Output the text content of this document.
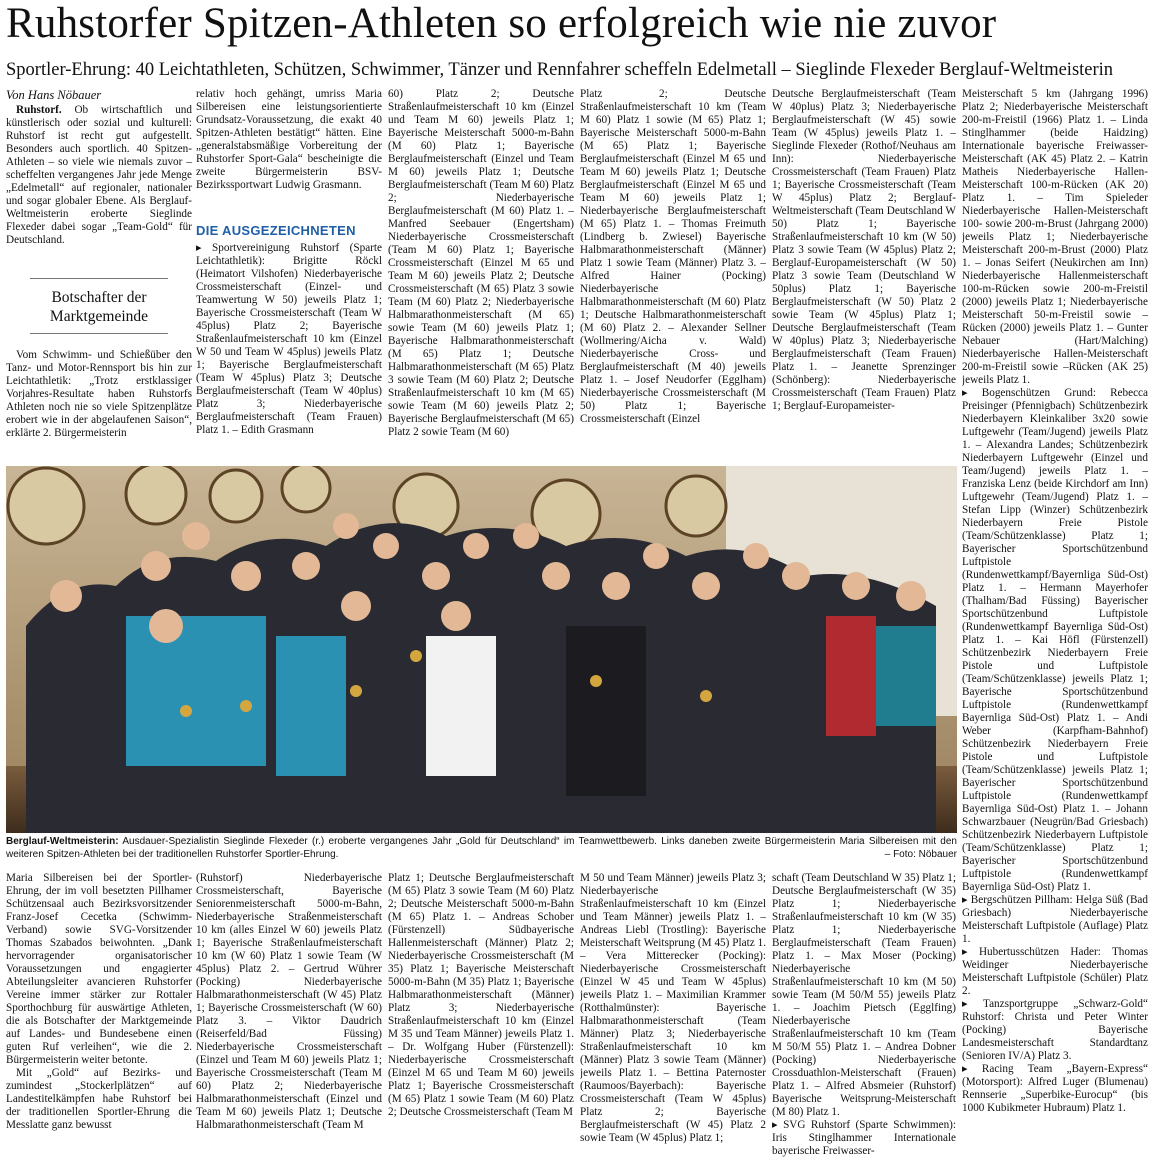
Ruhstorfer Spitzen-Athleten so erfolgreich wie nie zuvor
Sportler-Ehrung: 40 Leichtathleten, Schützen, Schwimmer, Tänzer und Rennfahrer scheffeln Edelmetall – Sieglinde Flexeder Berglauf-Weltmeisterin
Von Hans Nöbauer

Ruhstorf. Ob wirtschaftlich und künstlerisch oder sozial und kulturell: Ruhstorf ist recht gut aufgestellt. Besonders auch sportlich. 40 Spitzen-Athleten – so viele wie niemals zuvor – scheffelten vergangenes Jahr jede Menge „Edelmetall“ auf regionaler, nationaler und sogar globaler Ebene. Als Berglauf-Weltmeisterin eroberte Sieglinde Flexeder dabei sogar „Team-Gold“ für Deutschland.

Botschafter der Marktgemeinde

Vom Schwimm- und Schießüber den Tanz- und Motor-Rennsport bis hin zur Leichtathletik: „Trotz erstklassiger Vorjahres-Resultate haben Ruhstorfs Athleten noch nie so viele Spitzenplätze erobert wie in der abgelaufenen Saison“, erklärte 2. Bürgermeisterin

relativ hoch gehängt, umriss Maria Silbereisen eine leistungsorientierte Grundsatz-Voraussetzung, die exakt 40 Spitzen-Athleten bestätigt“ hätten. Eine „generalstabsmäßige Vorbereitung der Ruhstorfer Sport-Gala“ bescheinigte die zweite Bürgermeisterin BSV-Bezirkssportwart Ludwig Grasmann.

DIE AUSGEZEICHNETEN

▸ Sportvereinigung Ruhstorf (Sparte Leichtathletik): Brigitte Röckl (Heimatort Vilshofen) Niederbayerische Crossmeisterschaft (Einzel- und Teamwertung W 50) jeweils Platz 1; Bayerische Crossmeisterschaft (Team W 45plus) Platz 2; Bayerische Straßenlaufmeisterschaft 10 km (Einzel W 50 und Team W 45plus) jeweils Platz 1; Bayerische Berglaufmeisterschaft (Team W 45plus) Platz 3; Deutsche Berglaufmeisterschaft (Team W 40plus) Platz 3; Niederbayerische Berglaufmeisterschaft (Team Frauen) Platz 1. – Edith Grasmann

60) Platz 2; Deutsche Straßenlaufmeisterschaft 10 km (Einzel und Team M 60) jeweils Platz 1; Bayerische Meisterschaft 5000-m-Bahn (M 60) Platz 1; Bayerische Berglaufmeisterschaft (Einzel und Team M 60) jeweils Platz 1; Deutsche Berglaufmeisterschaft (Team M 60) Platz 2; Niederbayerische Berglaufmeisterschaft (M 60) Platz 1. – Manfred Seebauer (Engertsham) Niederbayerische Crossmeisterschaft (Team M 60) Platz 1; Bayerische Crossmeisterschaft (Einzel M 65 und Team M 60) jeweils Platz 2; Deutsche Crossmeisterschaft (M 65) Platz 3 sowie Team (M 60) Platz 2; Niederbayerische Halbmarathonmeisterschaft (M 65) sowie Team (M 60) jeweils Platz 1; Bayerische Halbmarathonmeisterschaft (M 65) Platz 1; Deutsche Halbmarathonmeisterschaft (M 65) Platz 3 sowie Team (M 60) Platz 2; Deutsche Straßenlaufmeisterschaft 10 km (M 65) sowie Team (M 60) jeweils Platz 2; Bayerische Berglaufmeisterschaft (M 65) Platz 2 sowie Team (M 60)

Platz 2; Deutsche Straßenlaufmeisterschaft 10 km (Team M 60) Platz 1 sowie (M 65) Platz 1; Bayerische Meisterschaft 5000-m-Bahn (M 65) Platz 1; Bayerische Berglaufmeisterschaft (Einzel M 65 und Team M 60) jeweils Platz 1; Deutsche Berglaufmeisterschaft (Einzel M 65 und Team M 60) jeweils Platz 1; Niederbayerische Berglaufmeisterschaft (M 65) Platz 1. – Thomas Freimuth (Lindberg b. Zwiesel) Bayerische Halbmarathonmeisterschaft (Männer) Platz 1 sowie Team (Männer) Platz 3. – Alfred Hainer (Pocking) Niederbayerische Halbmarathonmeisterschaft (M 60) Platz 1; Deutsche Halbmarathonmeisterschaft (M 60) Platz 2. – Alexander Sellner (Wollmering/Aicha v. Wald) Niederbayerische Cross- und Berglaufmeisterschaft (M 40) jeweils Platz 1. – Josef Neudorfer (Egglham) Niederbayerische Crossmeisterschaft (M 50) Platz 1; Bayerische Crossmeisterschaft (Einzel

Deutsche Berglaufmeisterschaft (Team W 40plus) Platz 3; Niederbayerische Berglaufmeisterschaft (W 45) sowie Team (W 45plus) jeweils Platz 1. – Sieglinde Flexeder (Rothof/Neuhaus am Inn): Niederbayerische Crossmeisterschaft (Team Frauen) Platz 1; Bayerische Crossmeisterschaft (Team W 45plus) Platz 2; Berglauf-Weltmeisterschaft (Team Deutschland W 50) Platz 1; Bayerische Straßenlaufmeisterschaft 10 km (W 50) Platz 3 sowie Team (W 45plus) Platz 2; Berglauf-Europameisterschaft (W 50) Platz 3 sowie Team (Deutschland W 50plus) Platz 1; Bayerische Berglaufmeisterschaft (W 50) Platz 2 sowie Team (W 45plus) Platz 1; Deutsche Berglaufmeisterschaft (Team W 40plus) Platz 3; Niederbayerische Berglaufmeisterschaft (Team Frauen) Platz 1. – Jeanette Sprenzinger (Schönberg): Niederbayerische Crossmeisterschaft (Team Frauen) Platz 1; Berglauf-Europameister-

Meisterschaft 5 km (Jahrgang 1996) Platz 2; Niederbayerische Meisterschaft 200-m-Freistil (1966) Platz 1. – Linda Stinglhammer (beide Haidzing) Internationale bayerische Freiwasser-Meisterschaft (AK 45) Platz 2. – Katrin Matheis Niederbayerische Hallen-Meisterschaft 100-m-Rücken (AK 20) Platz 1. – Tim Spieleder Niederbayerische Hallen-Meisterschaft 100- sowie 200-m-Brust (Jahrgang 2000) jeweils Platz 1; Niederbayerische Meisterschaft 200-m-Brust (2000) Platz 1. – Jonas Seifert (Neukirchen am Inn) Niederbayerische Hallenmeisterschaft 100-m-Rücken sowie 200-m-Freistil (2000) jeweils Platz 1; Niederbayerische Meisterschaft 50-m-Freistil sowie –Rücken (2000) jeweils Platz 1. – Gunter Nebauer (Hart/Malching) Niederbayerische Hallen-Meisterschaft 200-m-Freistil sowie –Rücken (AK 25) jeweils Platz 1.

▸ Bogenschützen Grund: Rebecca Preisinger (Pfennigbach) Schützenbezirk Niederbayern Kleinkaliber 3x20 sowie Luftgewehr (Team/Jugend) jeweils Platz 1. – Alexandra Landes; Schützenbezirk Niederbayern Luftgewehr (Einzel und Team/Jugend) jeweils Platz 1. – Franziska Lenz (beide Kirchdorf am Inn) Luftgewehr (Team/Jugend) Platz 1. – Stefan Lipp (Winzer) Schützenbezirk Niederbayern Freie Pistole (Team/Schützenklasse) Platz 1; Bayerischer Sportschützenbund Luftpistole (Rundenwettkampf/Bayernliga Süd-Ost) Platz 1. – Hermann Mayerhofer (Thalham/Bad Füssing) Bayerischer Sportschützenbund Luftpistole (Rundenwettkampf Bayernliga Süd-Ost) Platz 1. – Kai Höfl (Fürstenzell) Schützenbezirk Niederbayern Freie Pistole und Luftpistole (Team/Schützenklasse) jeweils Platz 1; Bayerische Sportschützenbund Luftpistole (Rundenwettkampf Bayernliga Süd-Ost) Platz 1. – Andi Weber (Karpfham-Bahnhof) Schützenbezirk Niederbayern Freie Pistole und Luftpistole (Team/Schützenklasse) jeweils Platz 1; Bayerischer Sportschützenbund Luftpistole (Rundenwettkampf Bayernliga Süd-Ost) Platz 1. – Johann Schwarzbauer (Neugrün/Bad Griesbach) Schützenbezirk Niederbayern Luftpistole (Team/Schützenklasse) Platz 1; Bayerischer Sportschützenbund Luftpistole (Rundenwettkampf Bayernliga Süd-Ost) Platz 1.

▸ Bergschützen Pillham: Helga Süß (Bad Griesbach) Niederbayerische Meisterschaft Luftpistole (Auflage) Platz 1.

▸ Hubertusschützen Hader: Thomas Weidinger Niederbayerische Meisterschaft Luftpistole (Schüler) Platz 2.

▸ Tanzsportgruppe „Schwarz-Gold“ Ruhstorf: Christa und Peter Winter (Pocking) Bayerische Landesmeisterschaft Standardtanz (Senioren IV/A) Platz 3.

▸ Racing Team „Bayern-Express“ (Motorsport): Alfred Luger (Blumenau) Rennserie „Superbike-Eurocup“ (bis 1000 Kubikmeter Hubraum) Platz 1.

Berglauf-Weltmeisterin: Ausdauer-Spezialistin Sieglinde Flexeder (r.) eroberte vergangenes Jahr „Gold für Deutschland“ im Teamwettbewerb. Links daneben zweite Bürgermeisterin Maria Silbereisen mit den weiteren Spitzen-Athleten bei der traditionellen Ruhstorfer Sportler-Ehrung.	– Foto: Nöbauer

Maria Silbereisen bei der Sportler-Ehrung, der im voll besetzten Pillhamer Schützensaal auch Bezirksvorsitzender Franz-Josef Cecetka (Schwimm-Verband) sowie SVG-Vorsitzender Thomas Szabados beiwohnten. „Dank hervorragender organisatorischer Voraussetzungen und engagierter Abteilungsleiter avancieren Ruhstorfer Vereine immer stärker zur Rottaler Sporthochburg für auswärtige Athleten, die als Botschafter der Marktgemeinde auf Landes- und Bundesebene einen guten Ruf verleihen“, wie die 2. Bürgermeisterin weiter betonte.

Mit „Gold“ auf Bezirks- und zumindest „Stockerlplätzen“ auf Landestitelkämpfen habe Ruhstorf bei der traditionellen Sportler-Ehrung die Messlatte ganz bewusst

(Ruhstorf) Niederbayerische Crossmeisterschaft, Bayerische Seniorenmeisterschaft 5000-m-Bahn, Niederbayerische Straßenmeisterschaft 10 km (alles Einzel W 60) jeweils Platz 1; Bayerische Straßenlaufmeisterschaft 10 km (W 60) Platz 1 sowie Team (W 45plus) Platz 2. – Gertrud Wührer (Pocking) Niederbayerische Halbmarathonmeisterschaft (W 45) Platz 1; Bayerische Crossmeisterschaft (W 60) Platz 3. – Viktor Daudrich (Reiserfeld/Bad Füssing) Niederbayerische Crossmeisterschaft (Einzel und Team M 60) jeweils Platz 1; Bayerische Crossmeisterschaft (Team M 60) Platz 2; Niederbayerische Halbmarathonmeisterschaft (Einzel und Team M 60) jeweils Platz 1; Deutsche Halbmarathonmeisterschaft (Team M

Platz 1; Deutsche Berglaufmeisterschaft (M 65) Platz 3 sowie Team (M 60) Platz 2; Deutsche Meisterschaft 5000-m-Bahn (M 65) Platz 1. – Andreas Schober (Fürstenzell) Südbayerische Hallenmeisterschaft (Männer) Platz 2; Niederbayerische Crossmeisterschaft (M 35) Platz 1; Bayerische Meisterschaft 5000-m-Bahn (M 35) Platz 1; Bayerische Halbmarathonmeisterschaft (Männer) Platz 3; Niederbayerische Straßenlaufmeisterschaft 10 km (Einzel M 35 und Team Männer) jeweils Platz 1. – Dr. Wolfgang Huber (Fürstenzell): Niederbayerische Crossmeisterschaft (Einzel M 65 und Team M 60) jeweils Platz 1; Bayerische Crossmeisterschaft (M 65) Platz 1 sowie Team (M 60) Platz 2; Deutsche Crossmeisterschaft (Team M

M 50 und Team Männer) jeweils Platz 3; Niederbayerische Straßenlaufmeisterschaft 10 km (Einzel und Team Männer) jeweils Platz 1. – Andreas Liebl (Trostling): Bayerische Meisterschaft Weitsprung (M 45) Platz 1. – Vera Mitterecker (Pocking): Niederbayerische Crossmeisterschaft (Einzel W 45 und Team W 45plus) jeweils Platz 1. – Maximilian Krammer (Rotthalmünster): Bayerische Halbmarathonmeisterschaft (Team Männer) Platz 3; Niederbayerische Straßenlaufmeisterschaft 10 km (Männer) Platz 3 sowie Team (Männer) jeweils Platz 1. – Bettina Paternoster (Raumoos/Bayerbach): Bayerische Crossmeisterschaft (Team W 45plus) Platz 2; Bayerische Berglaufmeisterschaft (W 45) Platz 2 sowie Team (W 45plus) Platz 1;

schaft (Team Deutschland W 35) Platz 1; Deutsche Berglaufmeisterschaft (W 35) Platz 1; Niederbayerische Straßenlaufmeisterschaft 10 km (W 35) Platz 1; Niederbayerische Berglaufmeisterschaft (Team Frauen) Platz 1. – Max Moser (Pocking) Niederbayerische Straßenlaufmeisterschaft 10 km (M 50) sowie Team (M 50/M 55) jeweils Platz 1. – Joachim Pietsch (Egglfing) Niederbayerische Straßenlaufmeisterschaft 10 km (Team M 50/M 55) Platz 1. – Andrea Dobner (Pocking) Niederbayerische Crossduathlon-Meisterschaft (Frauen) Platz 1. – Alfred Absmeier (Ruhstorf) Bayerische Weitsprung-Meisterschaft (M 80) Platz 1.

▸ SVG Ruhstorf (Sparte Schwimmen): Iris Stinglhammer Internationale bayerische Freiwasser-
